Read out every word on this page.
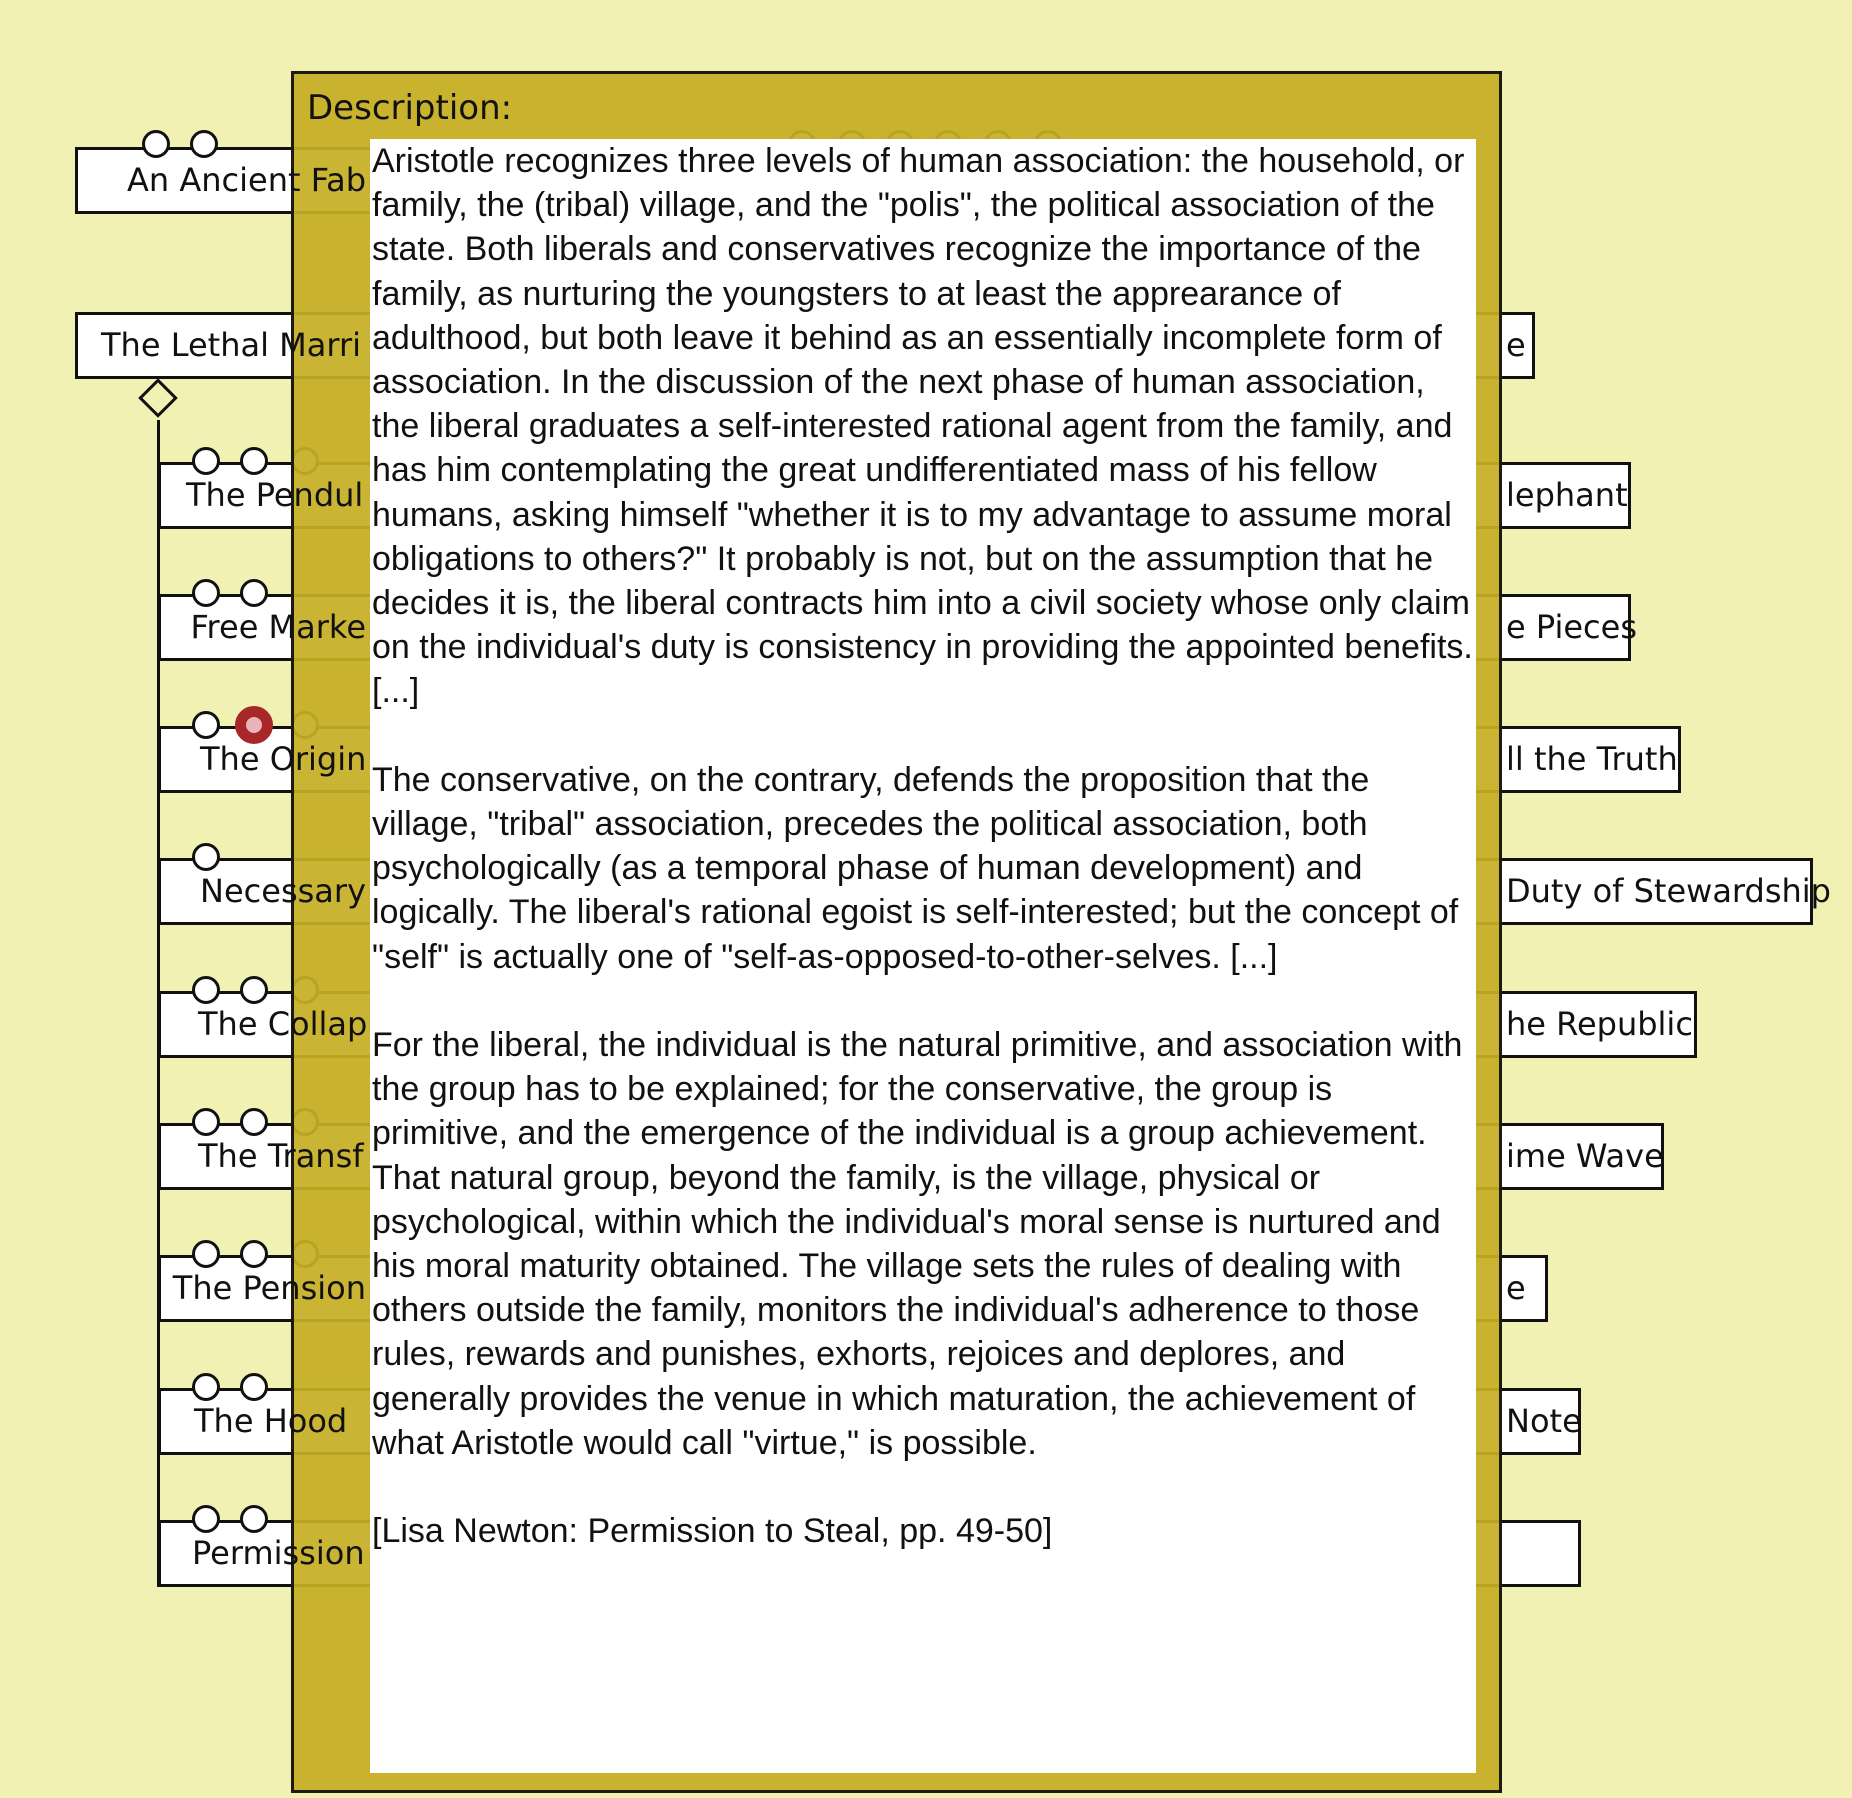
An Ancient Fab
The Lethal Marri	e
The Pendul	lephant
Free Marke	e Pieces
The Origin	ll the Truth
Necessary	Duty of Stewardship
The Collap	he Republic
The Transf	ime Wave
The Pension	e
The Hood	Note
Permission
Description:

Aristotle recognizes three levels of human association: the household, or family, the (tribal) village, and the "polis", the political association of the state. Both liberals and conservatives recognize the importance of the family, as nurturing the youngsters to at least the apprearance of adulthood, but both leave it behind as an essentially incomplete form of association. In the discussion of the next phase of human association, the liberal graduates a self-interested rational agent from the family, and has him contemplating the great undifferentiated mass of his fellow humans, asking himself "whether it is to my advantage to assume moral obligations to others?" It probably is not, but on the assumption that he decides it is, the liberal contracts him into a civil society whose only claim on the individual's duty is consistency in providing the appointed benefits. [...]

The conservative, on the contrary, defends the proposition that the village, "tribal" association, precedes the political association, both psychologically (as a temporal phase of human development) and logically. The liberal's rational egoist is self-interested; but the concept of "self" is actually one of "self-as-opposed-to-other-selves. [...]

For the liberal, the individual is the natural primitive, and association with the group has to be explained; for the conservative, the group is primitive, and the emergence of the individual is a group achievement. That natural group, beyond the family, is the village, physical or psychological, within which the individual's moral sense is nurtured and his moral maturity obtained. The village sets the rules of dealing with others outside the family, monitors the individual's adherence to those rules, rewards and punishes, exhorts, rejoices and deplores, and generally provides the venue in which maturation, the achievement of what Aristotle would call "virtue," is possible.

[Lisa Newton: Permission to Steal, pp. 49-50]
